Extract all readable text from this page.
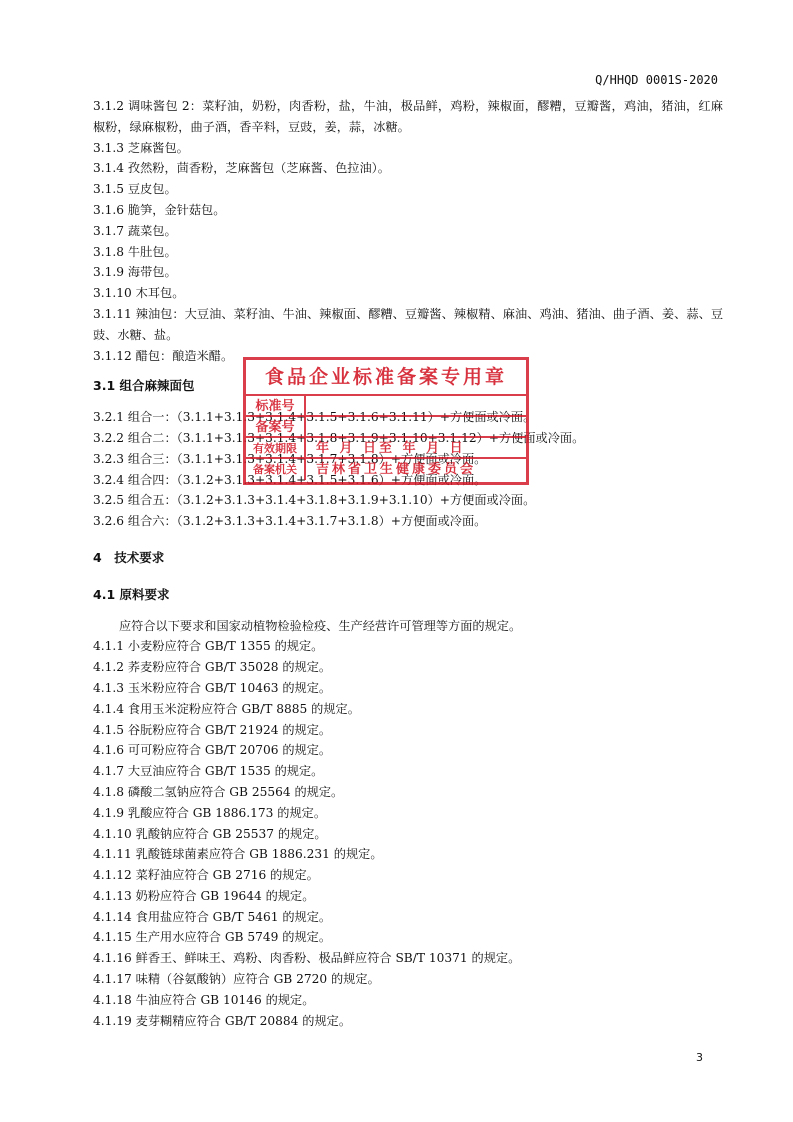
Q/HHQD 0001S-2020
3.1.2 调味酱包 2：菜籽油，奶粉，肉香粉，盐，牛油，极品鲜，鸡粉，辣椒面，醪糟，豆瓣酱，鸡油，猪油，红麻椒粉，绿麻椒粉，曲子酒，香辛料，豆豉，姜，蒜，冰糖。
3.1.3 芝麻酱包。
3.1.4 孜然粉，茴香粉，芝麻酱包（芝麻酱、色拉油）。
3.1.5 豆皮包。
3.1.6 脆笋，金针菇包。
3.1.7 蔬菜包。
3.1.8 牛肚包。
3.1.9 海带包。
3.1.10 木耳包。
3.1.11 辣油包：大豆油、菜籽油、牛油、辣椒面、醪糟、豆瓣酱、辣椒精、麻油、鸡油、猪油、曲子酒、姜、蒜、豆豉、水糖、盐。
3.1.12 醋包：酿造米醋。
3.1 组合麻辣面包
3.2.1 组合一：（3.1.1+3.1.3+3.1.4+3.1.5+3.1.6+3.1.11）+方便面或冷面。
3.2.2 组合二：（3.1.1+3.1.3+3.1.4+3.1.8+3.1.9+3.1.10+3.1.12）+方便面或冷面。
3.2.3 组合三：（3.1.1+3.1.3+3.1.4+3.1.7+3.1.8）+方便面或冷面。
3.2.4 组合四：（3.1.2+3.1.3+3.1.4+3.1.5+3.1.6）+方便面或冷面。
3.2.5 组合五：（3.1.2+3.1.3+3.1.4+3.1.8+3.1.9+3.1.10）+方便面或冷面。
3.2.6 组合六：（3.1.2+3.1.3+3.1.4+3.1.7+3.1.8）+方便面或冷面。
4　技术要求
4.1 原料要求
应符合以下要求和国家动植物检验检疫、生产经营许可管理等方面的规定。
4.1.1 小麦粉应符合 GB/T 1355 的规定。
4.1.2 荞麦粉应符合 GB/T 35028 的规定。
4.1.3 玉米粉应符合 GB/T 10463 的规定。
4.1.4 食用玉米淀粉应符合 GB/T 8885 的规定。
4.1.5 谷朊粉应符合 GB/T 21924 的规定。
4.1.6 可可粉应符合 GB/T 20706 的规定。
4.1.7 大豆油应符合 GB/T 1535 的规定。
4.1.8 磷酸二氢钠应符合 GB 25564 的规定。
4.1.9 乳酸应符合 GB 1886.173 的规定。
4.1.10 乳酸钠应符合 GB 25537 的规定。
4.1.11 乳酸链球菌素应符合 GB 1886.231 的规定。
4.1.12 菜籽油应符合 GB 2716 的规定。
4.1.13 奶粉应符合 GB 19644 的规定。
4.1.14 食用盐应符合 GB/T 5461 的规定。
4.1.15 生产用水应符合 GB 5749 的规定。
4.1.16 鲜香王、鲜味王、鸡粉、肉香粉、极品鲜应符合 SB/T 10371 的规定。
4.1.17 味精（谷氨酸钠）应符合 GB 2720 的规定。
4.1.18 牛油应符合 GB 10146 的规定。
4.1.19 麦芽糊精应符合 GB/T 20884 的规定。
食品企业标准备案专用章
标准号
备案号
有效期限	年 月 日至 年 月 日
备案机关	吉林省卫生健康委员会
3
